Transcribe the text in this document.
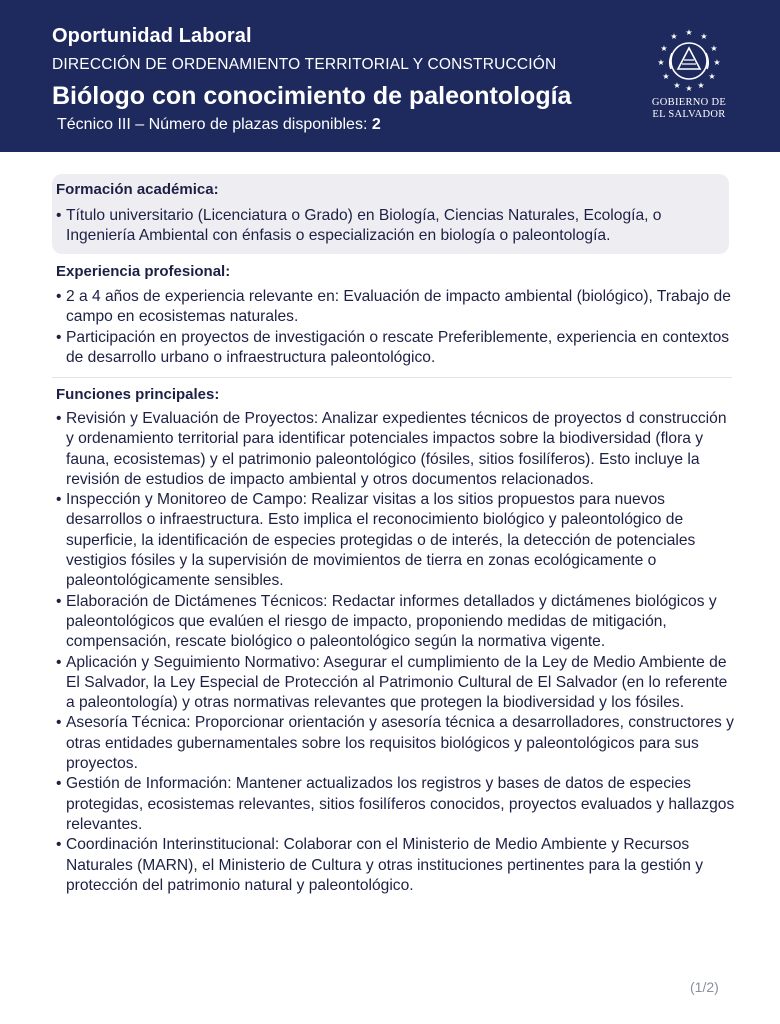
Oportunidad Laboral
DIRECCIÓN DE ORDENAMIENTO TERRITORIAL Y CONSTRUCCIÓN
Biólogo con conocimiento de paleontología
Técnico III – Número de plazas disponibles: 2
★ ★
★
★
★
★
★
★
★
★
★ ★
GOBIERNO DE
EL SALVADOR
Formación académica:
• Título universitario (Licenciatura o Grado) en Biología, Ciencias Naturales, Ecología, o Ingeniería Ambiental con énfasis o especialización en biología o paleontología.
Experiencia profesional:
• 2 a 4 años de experiencia relevante en: Evaluación de impacto ambiental (biológico), Trabajo de campo en ecosistemas naturales.
• Participación en proyectos de investigación o rescate Preferiblemente, experiencia en contextos de desarrollo urbano o infraestructura paleontológico.
Funciones principales:
• Revisión y Evaluación de Proyectos: Analizar expedientes técnicos de proyectos d construcción y ordenamiento territorial para identificar potenciales impactos sobre la biodiversidad (flora y fauna, ecosistemas) y el patrimonio paleontológico (fósiles, sitios fosilíferos). Esto incluye la revisión de estudios de impacto ambiental y otros documentos relacionados.
• Inspección y Monitoreo de Campo: Realizar visitas a los sitios propuestos para nuevos desarrollos o infraestructura. Esto implica el reconocimiento biológico y paleontológico de superficie, la identificación de especies protegidas o de interés, la detección de potenciales vestigios fósiles y la supervisión de movimientos de tierra en zonas ecológicamente o paleontológicamente sensibles.
• Elaboración de Dictámenes Técnicos: Redactar informes detallados y dictámenes biológicos y paleontológicos que evalúen el riesgo de impacto, proponiendo medidas de mitigación, compensación, rescate biológico o paleontológico según la normativa vigente.
• Aplicación y Seguimiento Normativo: Asegurar el cumplimiento de la Ley de Medio Ambiente de El Salvador, la Ley Especial de Protección al Patrimonio Cultural de El Salvador (en lo referente a paleontología) y otras normativas relevantes que protegen la biodiversidad y los fósiles.
• Asesoría Técnica: Proporcionar orientación y asesoría técnica a desarrolladores, constructores y otras entidades gubernamentales sobre los requisitos biológicos y paleontológicos para sus proyectos.
• Gestión de Información: Mantener actualizados los registros y bases de datos de especies protegidas, ecosistemas relevantes, sitios fosilíferos conocidos, proyectos evaluados y hallazgos relevantes.
• Coordinación Interinstitucional: Colaborar con el Ministerio de Medio Ambiente y Recursos Naturales (MARN), el Ministerio de Cultura y otras instituciones pertinentes para la gestión y protección del patrimonio natural y paleontológico.
(1/2)
